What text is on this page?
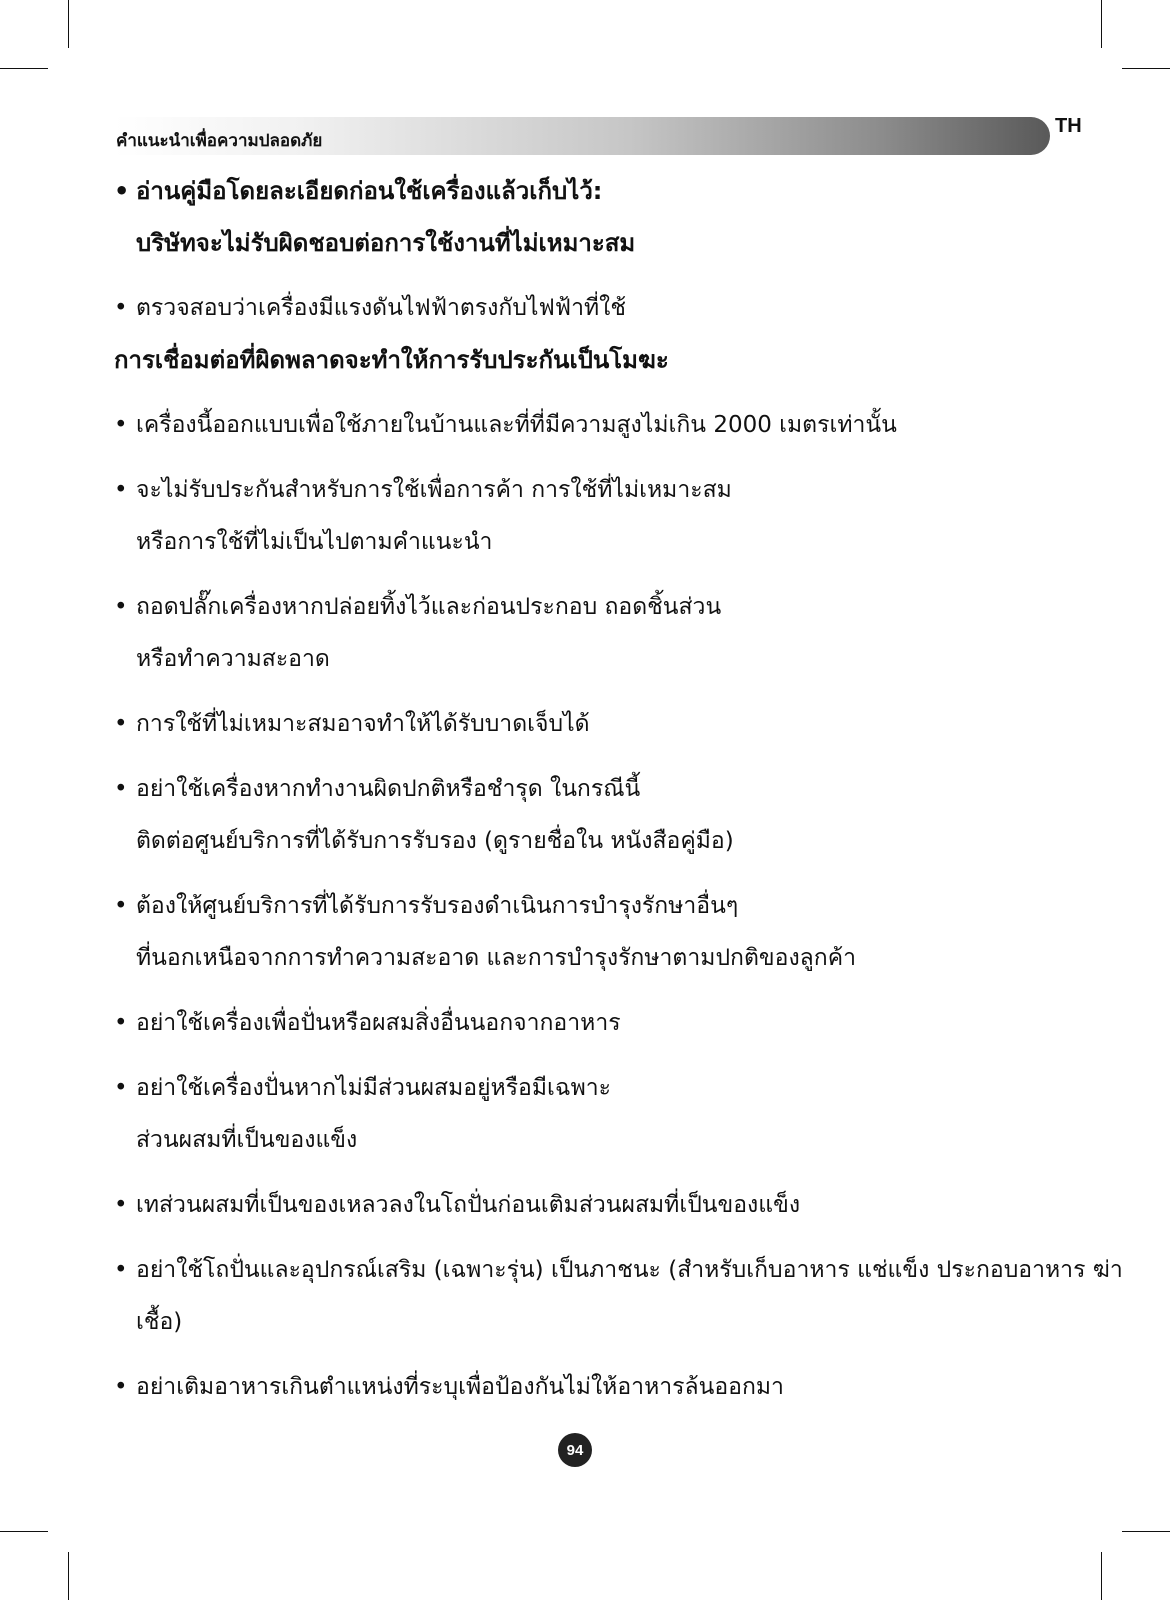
TH
คำแนะนำเพื่อความปลอดภัย
• อ่านคู่มือโดยละเอียดก่อนใช้เครื่องแล้วเก็บไว้:
บริษัทจะไม่รับผิดชอบต่อการใช้งานที่ไม่เหมาะสม
• ตรวจสอบว่าเครื่องมีแรงดันไฟฟ้าตรงกับไฟฟ้าที่ใช้
การเชื่อมต่อที่ผิดพลาดจะทำให้การรับประกันเป็นโมฆะ
• เครื่องนี้ออกแบบเพื่อใช้ภายในบ้านและที่ที่มีความสูงไม่เกิน 2000 เมตรเท่านั้น
• จะไม่รับประกันสำหรับการใช้เพื่อการค้า การใช้ที่ไม่เหมาะสม
หรือการใช้ที่ไม่เป็นไปตามคำแนะนำ
• ถอดปลั๊กเครื่องหากปล่อยทิ้งไว้และก่อนประกอบ ถอดชิ้นส่วน
หรือทำความสะอาด
• การใช้ที่ไม่เหมาะสมอาจทำให้ได้รับบาดเจ็บได้
• อย่าใช้เครื่องหากทำงานผิดปกติหรือชำรุด ในกรณีนี้
ติดต่อศูนย์บริการที่ได้รับการรับรอง (ดูรายชื่อใน หนังสือคู่มือ)
• ต้องให้ศูนย์บริการที่ได้รับการรับรองดำเนินการบำรุงรักษาอื่นๆ
ที่นอกเหนือจากการทำความสะอาด และการบำรุงรักษาตามปกติของลูกค้า
• อย่าใช้เครื่องเพื่อปั่นหรือผสมสิ่งอื่นนอกจากอาหาร
• อย่าใช้เครื่องปั่นหากไม่มีส่วนผสมอยู่หรือมีเฉพาะ
ส่วนผสมที่เป็นของแข็ง
• เทส่วนผสมที่เป็นของเหลวลงในโถปั่นก่อนเติมส่วนผสมที่เป็นของแข็ง
• อย่าใช้โถปั่นและอุปกรณ์เสริม (เฉพาะรุ่น) เป็นภาชนะ (สำหรับเก็บอาหาร แช่แข็ง ประกอบอาหาร ฆ่า
เชื้อ)
• อย่าเติมอาหารเกินตำแหน่งที่ระบุเพื่อป้องกันไม่ให้อาหารล้นออกมา
94
